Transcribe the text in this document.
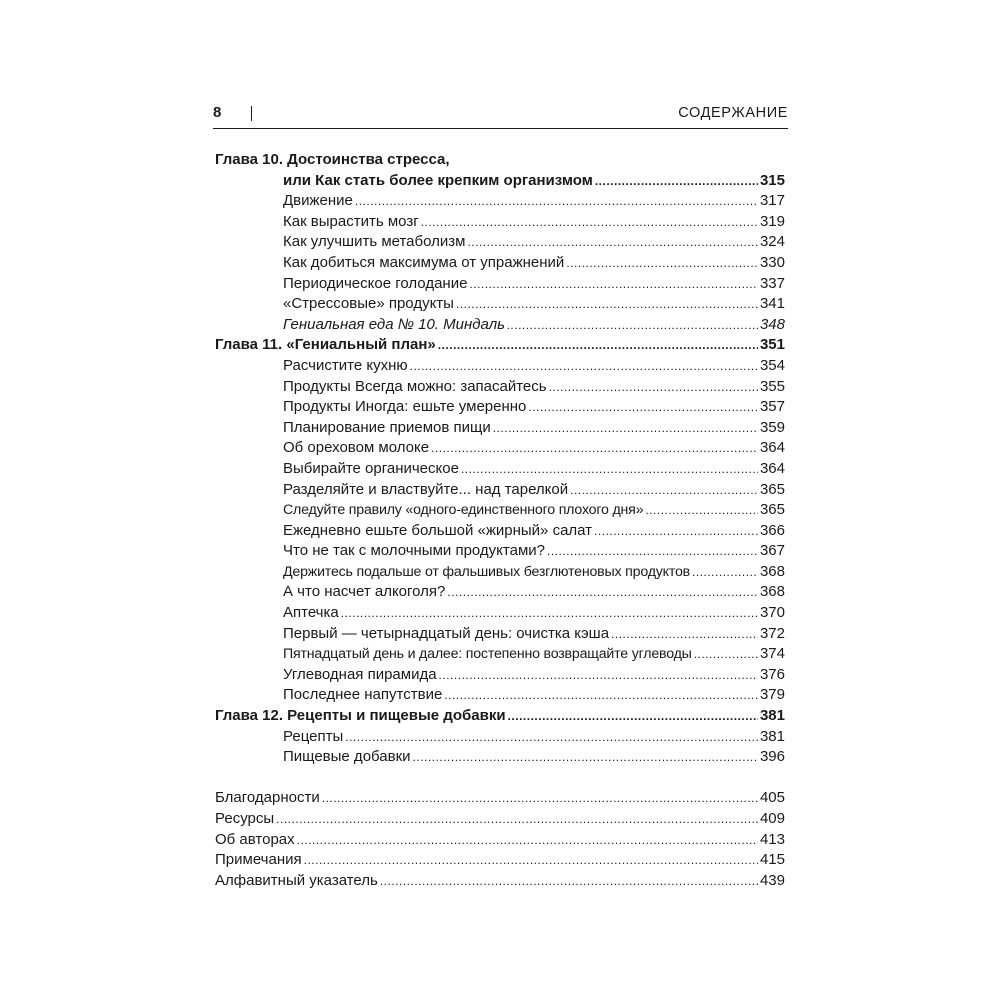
8	СОДЕРЖАНИЕ
Глава 10. Достоинства стресса,
или Как стать более крепким организмом .....	315
Движение .....	317
Как вырастить мозг .....	319
Как улучшить метаболизм .....	324
Как добиться максимума от упражнений .....	330
Периодическое голодание .....	337
«Стрессовые» продукты .....	341
Гениальная еда № 10. Миндаль .....	348
Глава 11. «Гениальный план» .....	351
Расчистите кухню .....	354
Продукты Всегда можно: запасайтесь .....	355
Продукты Иногда: ешьте умеренно .....	357
Планирование приемов пищи .....	359
Об ореховом молоке .....	364
Выбирайте органическое .....	364
Разделяйте и властвуйте... над тарелкой .....	365
Следуйте правилу «одного-единственного плохого дня» .....	365
Ежедневно ешьте большой «жирный» салат .....	366
Что не так с молочными продуктами? .....	367
Держитесь подальше от фальшивых безглютеновых продуктов .....	368
А что насчет алкоголя? .....	368
Аптечка .....	370
Первый — четырнадцатый день: очистка кэша .....	372
Пятнадцатый день и далее: постепенно возвращайте углеводы .....	374
Углеводная пирамида .....	376
Последнее напутствие .....	379
Глава 12. Рецепты и пищевые добавки .....	381
Рецепты .....	381
Пищевые добавки .....	396
Благодарности .....	405
Ресурсы .....	409
Об авторах .....	413
Примечания .....	415
Алфавитный указатель .....	439
